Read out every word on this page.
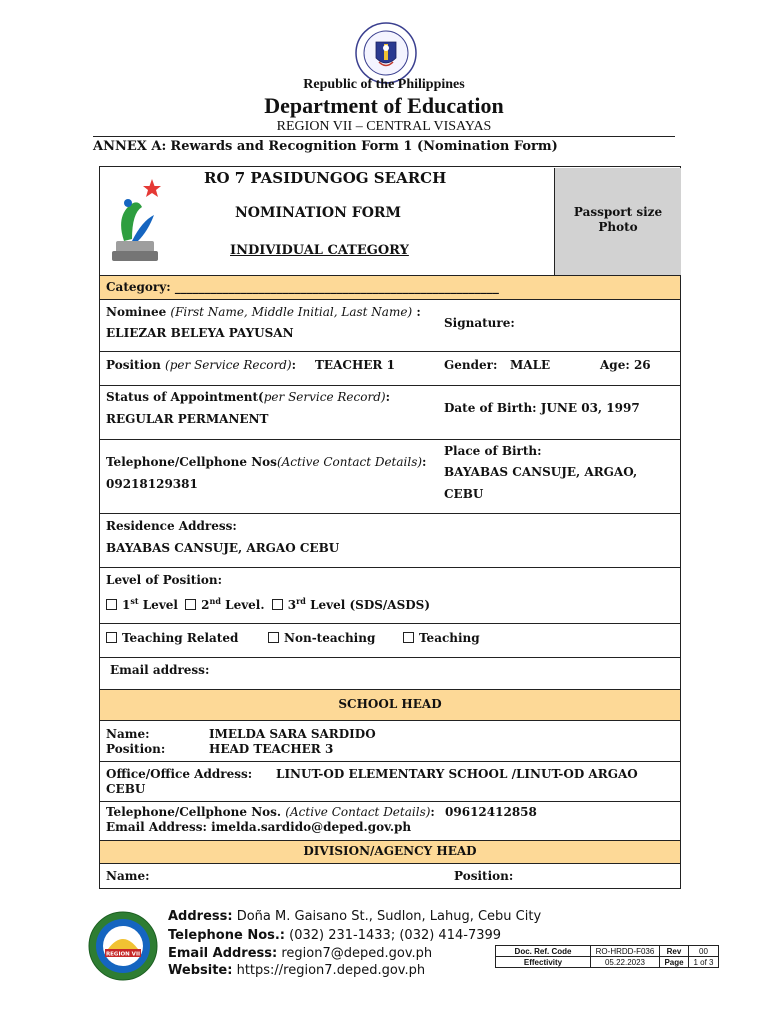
Republic of the Philippines
Department of Education
REGION VII – CENTRAL VISAYAS
ANNEX A: Rewards and Recognition Form 1 (Nomination Form)
RO 7 PASIDUNGOG SEARCH
NOMINATION FORM
INDIVIDUAL CATEGORY
Passport size Photo
Category: ______________________________________________________
Nominee (First Name, Middle Initial, Last Name) :
ELIEZAR BELEYA PAYUSAN
Signature:
Position (per Service Record): TEACHER 1	Gender: MALE	Age: 26
Status of Appointment(per Service Record):
REGULAR PERMANENT
Date of Birth: JUNE 03, 1997
Place of Birth:
BAYABAS CANSUJE, ARGAO,
CEBU
Telephone/Cellphone Nos(Active Contact Details):
09218129381
Residence Address:
BAYABAS CANSUJE, ARGAO CEBU
Level of Position:
1st Level 2nd Level. 3rd Level (SDS/ASDS)
Teaching Related	Non-teaching	Teaching
Email address:
SCHOOL HEAD
Name:	IMELDA SARA SARDIDO
Position:	HEAD TEACHER 3
Office/Office Address: LINUT-OD ELEMENTARY SCHOOL /LINUT-OD ARGAO
CEBU
Telephone/Cellphone Nos. (Active Contact Details): 09612412858
Email Address: imelda.sardido@deped.gov.ph
DIVISION/AGENCY HEAD
Name:	Position:
REGION VII
Address: Doña M. Gaisano St., Sudlon, Lahug, Cebu City
Telephone Nos.: (032) 231-1433; (032) 414-7399
Email Address: region7@deped.gov.ph
Website: https://region7.deped.gov.ph
Doc. Ref. Code	RO-HRDD-F036	Rev	00
Effectivity	05.22.2023	Page	1 of 3
